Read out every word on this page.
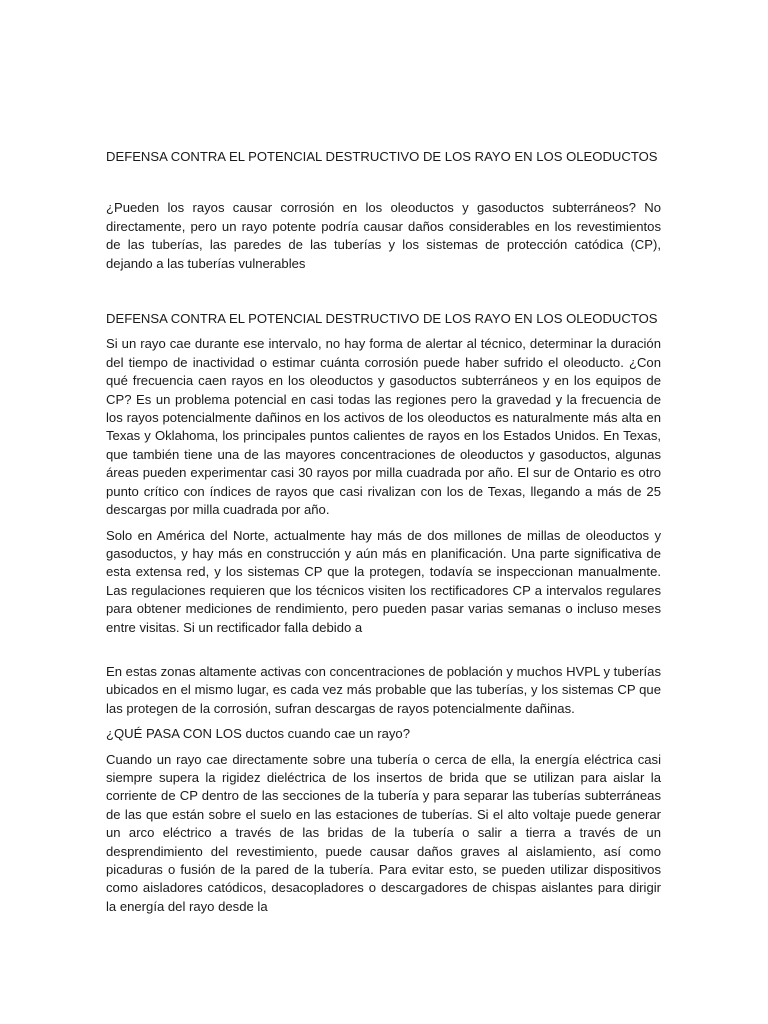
DEFENSA CONTRA EL POTENCIAL DESTRUCTIVO DE LOS RAYO EN LOS OLEODUCTOS

¿Pueden los rayos causar corrosión en los oleoductos y gasoductos subterráneos? No directamente, pero un rayo potente podría causar daños considerables en los revestimientos de las tuberías, las paredes de las tuberías y los sistemas de protección catódica (CP), dejando a las tuberías vulnerables

DEFENSA CONTRA EL POTENCIAL DESTRUCTIVO DE LOS RAYO EN LOS OLEODUCTOS

Si un rayo cae durante ese intervalo, no hay forma de alertar al técnico, determinar la duración del tiempo de inactividad o estimar cuánta corrosión puede haber sufrido el oleoducto. ¿Con qué frecuencia caen rayos en los oleoductos y gasoductos subterráneos y en los equipos de CP? Es un problema potencial en casi todas las regiones pero la gravedad y la frecuencia de los rayos potencialmente dañinos en los activos de los oleoductos es naturalmente más alta en Texas y Oklahoma, los principales puntos calientes de rayos en los Estados Unidos. En Texas, que también tiene una de las mayores concentraciones de oleoductos y gasoductos, algunas áreas pueden experimentar casi 30 rayos por milla cuadrada por año. El sur de Ontario es otro punto crítico con índices de rayos que casi rivalizan con los de Texas, llegando a más de 25 descargas por milla cuadrada por año.

Solo en América del Norte, actualmente hay más de dos millones de millas de oleoductos y gasoductos, y hay más en construcción y aún más en planificación. Una parte significativa de esta extensa red, y los sistemas CP que la protegen, todavía se inspeccionan manualmente. Las regulaciones requieren que los técnicos visiten los rectificadores CP a intervalos regulares para obtener mediciones de rendimiento, pero pueden pasar varias semanas o incluso meses entre visitas. Si un rectificador falla debido a

En estas zonas altamente activas con concentraciones de población y muchos HVPL y tuberías ubicados en el mismo lugar, es cada vez más probable que las tuberías, y los sistemas CP que las protegen de la corrosión, sufran descargas de rayos potencialmente dañinas.

¿QUÉ PASA CON LOS ductos cuando cae un rayo?

Cuando un rayo cae directamente sobre una tubería o cerca de ella, la energía eléctrica casi siempre supera la rigidez dieléctrica de los insertos de brida que se utilizan para aislar la corriente de CP dentro de las secciones de la tubería y para separar las tuberías subterráneas de las que están sobre el suelo en las estaciones de tuberías. Si el alto voltaje puede generar un arco eléctrico a través de las bridas de la tubería o salir a tierra a través de un desprendimiento del revestimiento, puede causar daños graves al aislamiento, así como picaduras o fusión de la pared de la tubería. Para evitar esto, se pueden utilizar dispositivos como aisladores catódicos, desacopladores o descargadores de chispas aislantes para dirigir la energía del rayo desde la
